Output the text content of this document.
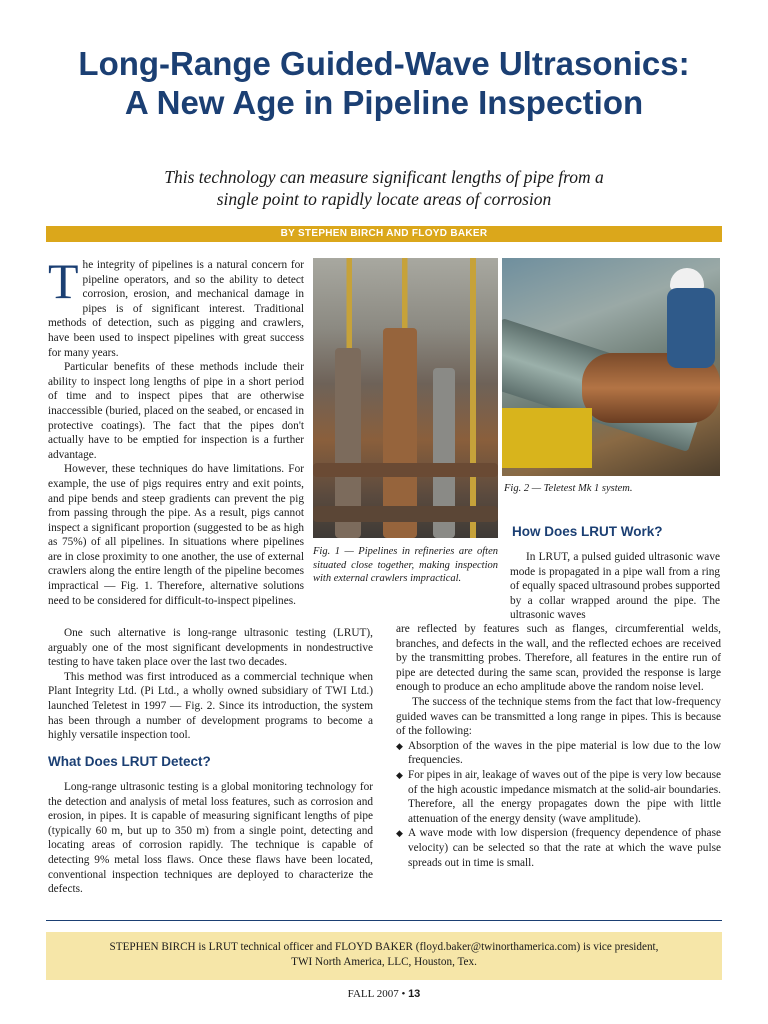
Long-Range Guided-Wave Ultrasonics:
A New Age in Pipeline Inspection

This technology can measure significant lengths of pipe from a
single point to rapidly locate areas of corrosion

BY STEPHEN BIRCH AND FLOYD BAKER

The integrity of pipelines is a natural concern for pipeline operators, and so the ability to detect corrosion, erosion, and mechanical damage in pipes is of significant interest. Traditional methods of detection, such as pigging and crawlers, have been used to inspect pipelines with great success for many years.

Particular benefits of these methods include their ability to inspect long lengths of pipe in a short period of time and to inspect pipes that are otherwise inaccessible (buried, placed on the seabed, or encased in protective coatings). The fact that the pipes don't actually have to be emptied for inspection is a further advantage.

However, these techniques do have limitations. For example, the use of pigs requires entry and exit points, and pipe bends and steep gradients can prevent the pig from passing through the pipe. As a result, pigs cannot inspect a significant proportion (suggested to be as high as 75%) of all pipelines. In situations where pipelines are in close proximity to one another, the use of external crawlers along the entire length of the pipeline becomes impractical — Fig. 1. Therefore, alternative solutions need to be considered for difficult-to-inspect pipelines.

One such alternative is long-range ultrasonic testing (LRUT), arguably one of the most significant developments in nondestructive testing to have taken place over the last two decades.

This method was first introduced as a commercial technique when Plant Integrity Ltd. (Pi Ltd., a wholly owned subsidiary of TWI Ltd.) launched Teletest in 1997 — Fig. 2. Since its introduction, the system has been through a number of development programs to become a highly versatile inspection tool.

What Does LRUT Detect?

Long-range ultrasonic testing is a global monitoring technology for the detection and analysis of metal loss features, such as corrosion and erosion, in pipes. It is capable of measuring significant lengths of pipe (typically 60 m, but up to 350 m) from a single point, detecting and locating areas of corrosion rapidly. The technique is capable of detecting 9% metal loss flaws. Once these flaws have been located, conventional inspection techniques are deployed to characterize the defects.

Fig. 1 — Pipelines in refineries are often situated close together, making inspection with external crawlers impractical.
Fig. 2 — Teletest Mk 1 system.
How Does LRUT Work?

In LRUT, a pulsed guided ultrasonic wave mode is propagated in a pipe wall from a ring of equally spaced ultrasound probes supported by a collar wrapped around the pipe. The ultrasonic waves

are reflected by features such as flanges, circumferential welds, branches, and defects in the wall, and the reflected echoes are received by the transmitting probes. Therefore, all features in the entire run of pipe are detected during the same scan, provided the response is large enough to produce an echo amplitude above the random noise level.

The success of the technique stems from the fact that low-frequency guided waves can be transmitted a long range in pipes. This is because of the following:

◆ Absorption of the waves in the pipe material is low due to the low frequencies.
◆ For pipes in air, leakage of waves out of the pipe is very low because of the high acoustic impedance mismatch at the solid-air boundaries. Therefore, all the energy propagates down the pipe with little attenuation of the energy density (wave amplitude).
◆ A wave mode with low dispersion (frequency dependence of phase velocity) can be selected so that the rate at which the wave pulse spreads out in time is small.
STEPHEN BIRCH is LRUT technical officer and FLOYD BAKER (floyd.baker@twinorthamerica.com) is vice president,
TWI North America, LLC, Houston, Tex.
FALL 2007 • 13
